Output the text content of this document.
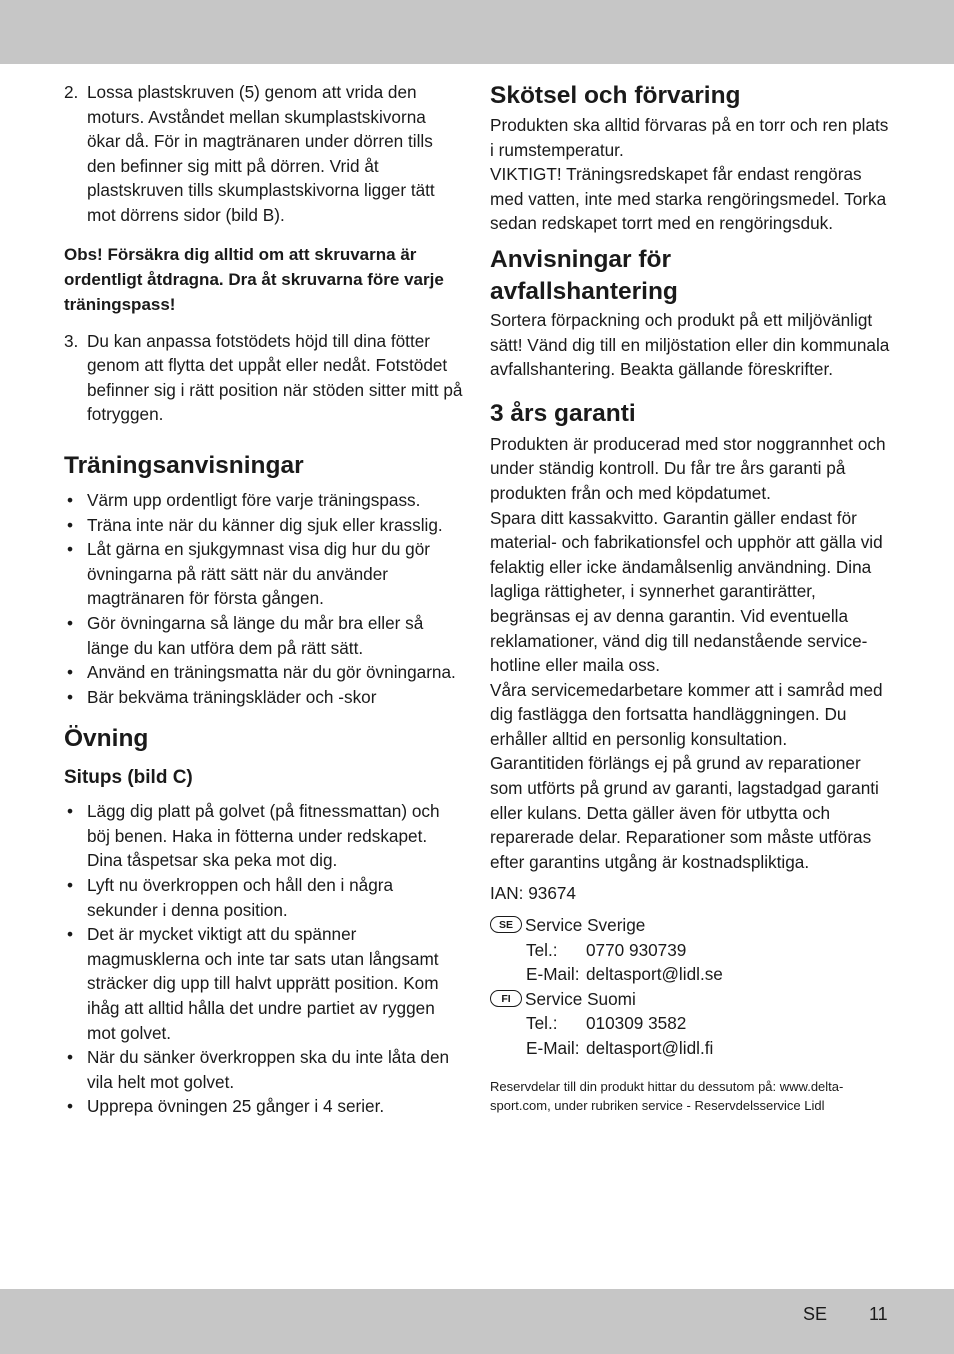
2. Lossa plastskruven (5) genom att vrida den moturs. Avståndet mellan skumplastskivorna ökar då. För in magtränaren under dörren tills den befinner sig mitt på dörren. Vrid åt plastskruven tills skumplastskivorna ligger tätt mot dörrens sidor (bild B).

Obs! Försäkra dig alltid om att skruvarna är ordentligt åtdragna. Dra åt skruvarna före varje träningspass!

3. Du kan anpassa fotstödets höjd till dina fötter genom att flytta det uppåt eller nedåt. Fotstödet befinner sig i rätt position när stöden sitter mitt på fotryggen.
Träningsanvisningar
• Värm upp ordentligt före varje träningspass.
• Träna inte när du känner dig sjuk eller krasslig.
• Låt gärna en sjukgymnast visa dig hur du gör övningarna på rätt sätt när du använder magtränaren för första gången.
• Gör övningarna så länge du mår bra eller så länge du kan utföra dem på rätt sätt.
• Använd en träningsmatta när du gör övningarna.
• Bär bekväma träningskläder och -skor
Övning
Situps (bild C)
• Lägg dig platt på golvet (på fitnessmattan) och böj benen. Haka in fötterna under redskapet. Dina tåspetsar ska peka mot dig.
• Lyft nu överkroppen och håll den i några sekunder i denna position.
• Det är mycket viktigt att du spänner magmusklerna och inte tar sats utan långsamt sträcker dig upp till halvt upprätt position. Kom ihåg att alltid hålla det undre partiet av ryggen mot golvet.
• När du sänker överkroppen ska du inte låta den vila helt mot golvet.
• Upprepa övningen 25 gånger i 4 serier.
Skötsel och förvaring

Produkten ska alltid förvaras på en torr och ren plats i rumstemperatur.

VIKTIGT! Träningsredskapet får endast rengöras med vatten, inte med starka rengöringsmedel. Torka sedan redskapet torrt med en rengöringsduk.

Anvisningar för avfallshantering

Sortera förpackning och produkt på ett miljövänligt sätt! Vänd dig till en miljöstation eller din kommunala avfallshantering. Beakta gällande föreskrifter.

3 års garanti

Produkten är producerad med stor noggrannhet och under ständig kontroll. Du får tre års garanti på produkten från och med köpdatumet.

Spara ditt kassakvitto. Garantin gäller endast för material- och fabrikationsfel och upphör att gälla vid felaktig eller icke ändamålsenlig användning. Dina lagliga rättigheter, i synnerhet garantirätter, begränsas ej av denna garantin. Vid eventuella reklamationer, vänd dig till nedanstående service-hotline eller maila oss.

Våra servicemedarbetare kommer att i samråd med dig fastlägga den fortsatta handläggningen. Du erhåller alltid en personlig konsultation.

Garantitiden förlängs ej på grund av reparationer som utförts på grund av garanti, lagstadgad garanti eller kulans. Detta gäller även för utbytta och reparerade delar. Reparationer som måste utföras efter garantins utgång är kostnadspliktiga.

IAN: 93674

SE Service Sverige
Tel.: 0770 930739
E-Mail: deltasport@lidl.se
FI Service Suomi
Tel.: 010309 3582
E-Mail: deltasport@lidl.fi

Reservdelar till din produkt hittar du dessutom på: www.delta-sport.com, under rubriken service - Reservdelsservice Lidl

SE 11
